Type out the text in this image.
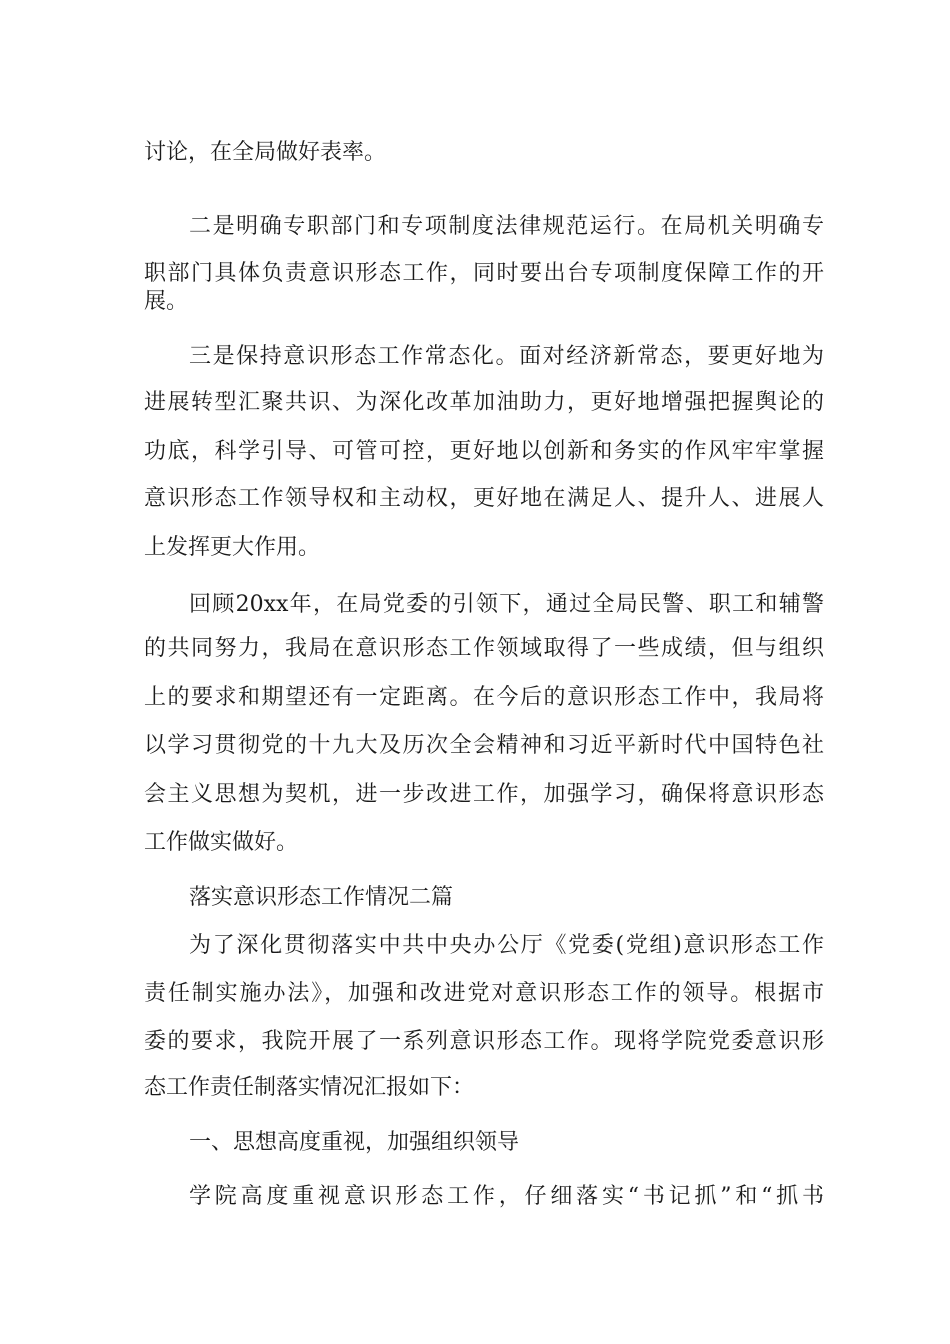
讨论，在全局做好表率。
二是明确专职部门和专项制度法律规范运行。在局机关明确专
职部门具体负责意识形态工作，同时要出台专项制度保障工作的开
展。
三是保持意识形态工作常态化。面对经济新常态，要更好地为
进展转型汇聚共识、为深化改革加油助力，更好地增强把握舆论的
功底，科学引导、可管可控，更好地以创新和务实的作风牢牢掌握
意识形态工作领导权和主动权，更好地在满足人、提升人、进展人
上发挥更大作用。
回顾20xx年，在局党委的引领下，通过全局民警、职工和辅警
的共同努力，我局在意识形态工作领域取得了一些成绩，但与组织
上的要求和期望还有一定距离。在今后的意识形态工作中，我局将
以学习贯彻党的十九大及历次全会精神和习近平新时代中国特色社
会主义思想为契机，进一步改进工作，加强学习，确保将意识形态
工作做实做好。
落实意识形态工作情况二篇
为了深化贯彻落实中共中央办公厅《党委(党组)意识形态工作
责任制实施办法》，加强和改进党对意识形态工作的领导。根据市
委的要求，我院开展了一系列意识形态工作。现将学院党委意识形
态工作责任制落实情况汇报如下：
一、思想高度重视，加强组织领导
学院高度重视意识形态工作，仔细落实“书记抓”和“抓书
